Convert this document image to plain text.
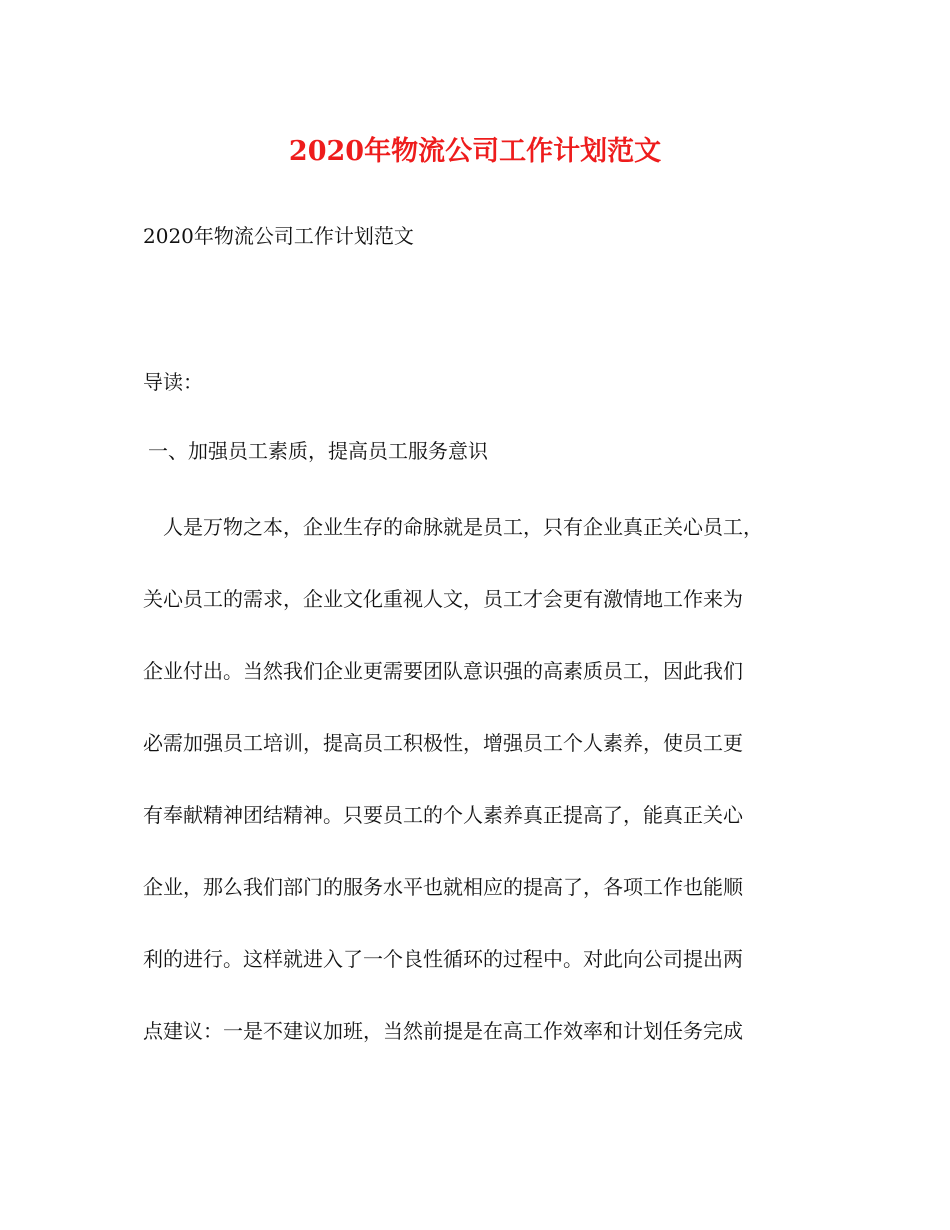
2020年物流公司工作计划范文
2020年物流公司工作计划范文
导读：
一、加强员工素质，提高员工服务意识
人是万物之本，企业生存的命脉就是员工，只有企业真正关心员工，
关心员工的需求，企业文化重视人文，员工才会更有激情地工作来为
企业付出。当然我们企业更需要团队意识强的高素质员工，因此我们
必需加强员工培训，提高员工积极性，增强员工个人素养，使员工更
有奉献精神团结精神。只要员工的个人素养真正提高了，能真正关心
企业，那么我们部门的服务水平也就相应的提高了，各项工作也能顺
利的进行。这样就进入了一个良性循环的过程中。对此向公司提出两
点建议：一是不建议加班，当然前提是在高工作效率和计划任务完成
